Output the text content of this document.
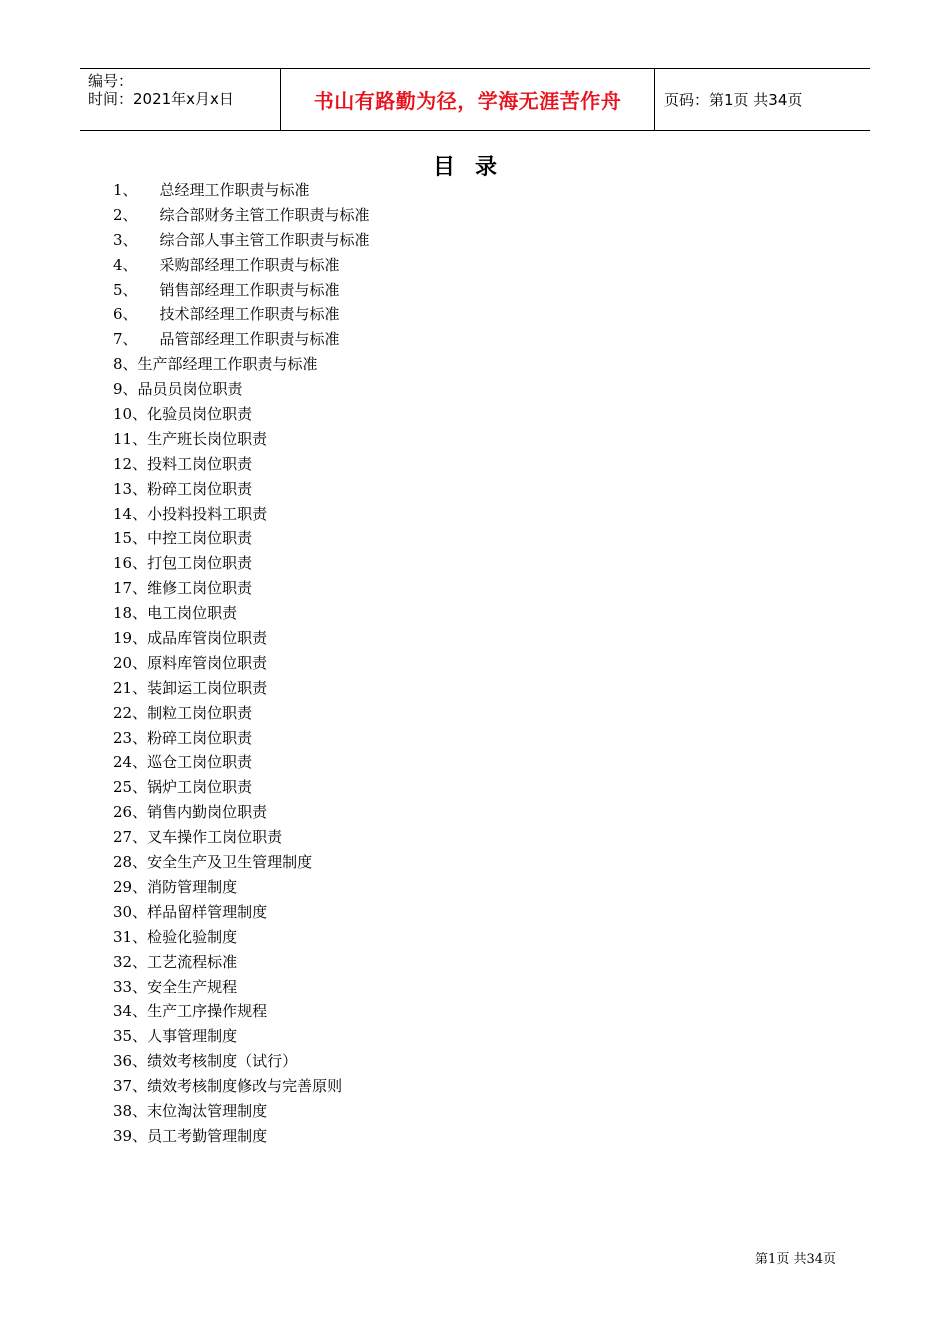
编号：
时间：2021年x月x日	书山有路勤为径，学海无涯苦作舟	页码：第1页 共34页
目录
1、 总经理工作职责与标准
2、 综合部财务主管工作职责与标准
3、 综合部人事主管工作职责与标准
4、 采购部经理工作职责与标准
5、 销售部经理工作职责与标准
6、 技术部经理工作职责与标准
7、 品管部经理工作职责与标准
8、生产部经理工作职责与标准
9、品员员岗位职责
10、化验员岗位职责
11、生产班长岗位职责
12、投料工岗位职责
13、粉碎工岗位职责
14、小投料投料工职责
15、中控工岗位职责
16、打包工岗位职责
17、维修工岗位职责
18、电工岗位职责
19、成品库管岗位职责
20、原料库管岗位职责
21、装卸运工岗位职责
22、制粒工岗位职责
23、粉碎工岗位职责
24、巡仓工岗位职责
25、锅炉工岗位职责
26、销售内勤岗位职责
27、叉车操作工岗位职责
28、安全生产及卫生管理制度
29、消防管理制度
30、样品留样管理制度
31、检验化验制度
32、工艺流程标准
33、安全生产规程
34、生产工序操作规程
35、人事管理制度
36、绩效考核制度（试行）
37、绩效考核制度修改与完善原则
38、末位淘汰管理制度
39、员工考勤管理制度
第1页 共34页
